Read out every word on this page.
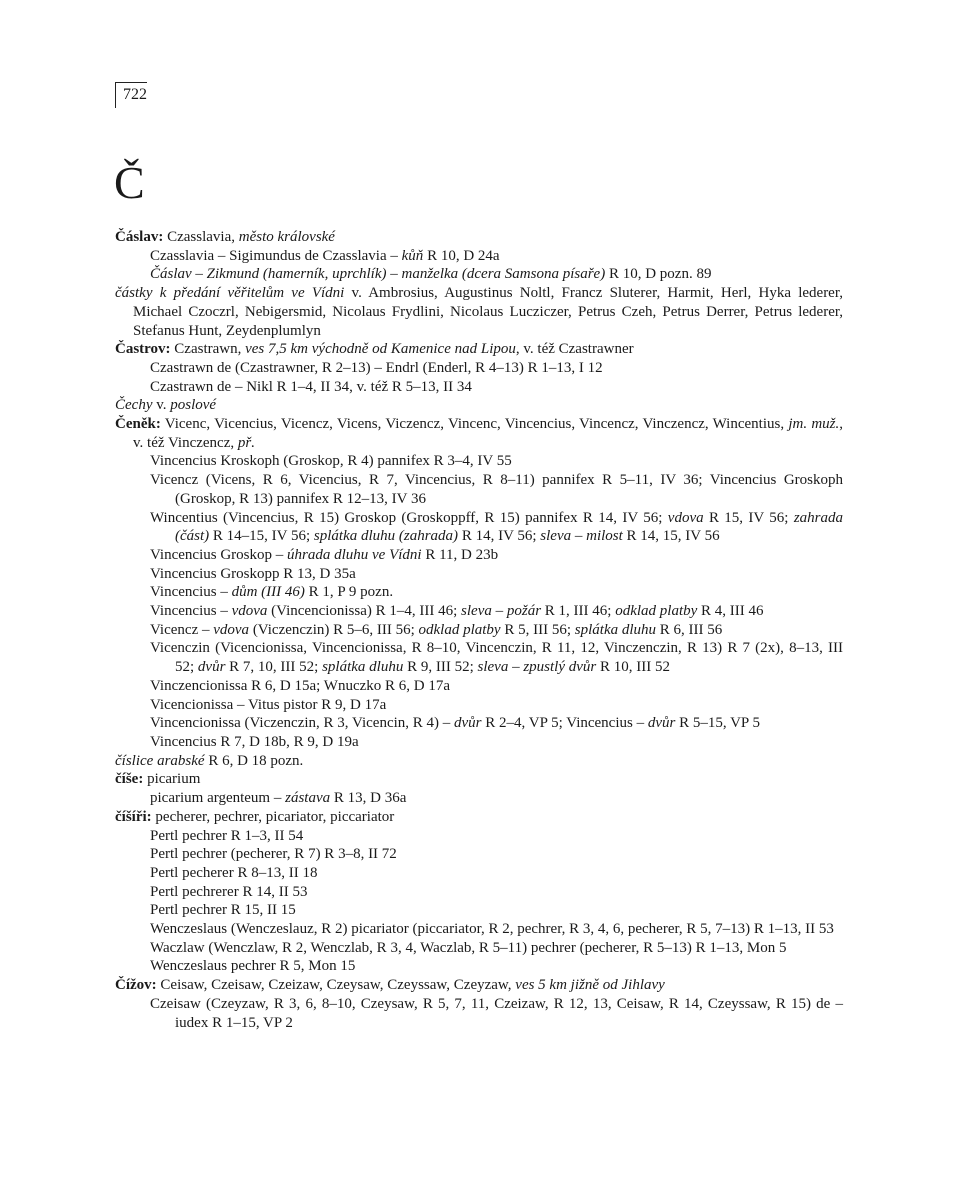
722
Č

Čáslav: Czasslavia, město královské

Czasslavia – Sigimundus de Czasslavia – kůň R 10, D 24a

Čáslav – Zikmund (hamerník, uprchlík) – manželka (dcera Samsona písaře) R 10, D pozn. 89

částky k předání věřitelům ve Vídni v. Ambrosius, Augustinus Noltl, Francz Sluterer, Harmit, Herl, Hyka lederer, Michael Czoczrl, Nebigersmid, Nicolaus Frydlini, Nicolaus Lucziczer, Petrus Czeh, Petrus Derrer, Petrus lederer, Stefanus Hunt, Zeydenplumlyn

Častrov: Czastrawn, ves 7,5 km východně od Kamenice nad Lipou, v. též Czastrawner

Czastrawn de (Czastrawner, R 2–13) – Endrl (Enderl, R 4–13) R 1–13, I 12

Czastrawn de – Nikl R 1–4, II 34, v. též R 5–13, II 34

Čechy v. poslové

Čeněk: Vicenc, Vicencius, Vicencz, Vicens, Viczencz, Vincenc, Vincencius, Vincencz, Vinczencz, Wincentius, jm. muž., v. též Vinczencz, př.

Vincencius Kroskoph (Groskop, R 4) pannifex R 3–4, IV 55

Vicencz (Vicens, R 6, Vicencius, R 7, Vincencius, R 8–11) pannifex R 5–11, IV 36; Vincencius Groskoph (Groskop, R 13) pannifex R 12–13, IV 36

Wincentius (Vincencius, R 15) Groskop (Groskoppff, R 15) pannifex R 14, IV 56; vdova R 15, IV 56; zahrada (část) R 14–15, IV 56; splátka dluhu (zahrada) R 14, IV 56; sleva – milost R 14, 15, IV 56

Vincencius Groskop – úhrada dluhu ve Vídni R 11, D 23b

Vincencius Groskopp R 13, D 35a

Vincencius – dům (III 46) R 1, P 9 pozn.

Vincencius – vdova (Vincencionissa) R 1–4, III 46; sleva – požár R 1, III 46; odklad platby R 4, III 46

Vicencz – vdova (Viczenczin) R 5–6, III 56; odklad platby R 5, III 56; splátka dluhu R 6, III 56

Vicenczin (Vicencionissa, Vincencionissa, R 8–10, Vincenczin, R 11, 12, Vinczenczin, R 13) R 7 (2x), 8–13, III 52; dvůr R 7, 10, III 52; splátka dluhu R 9, III 52; sleva – zpustlý dvůr R 10, III 52

Vinczencionissa R 6, D 15a; Wnuczko R 6, D 17a

Vicencionissa – Vitus pistor R 9, D 17a

Vincencionissa (Viczenczin, R 3, Vicencin, R 4) – dvůr R 2–4, VP 5; Vincencius – dvůr R 5–15, VP 5

Vincencius R 7, D 18b, R 9, D 19a

číslice arabské R 6, D 18 pozn.

číše: picarium

picarium argenteum – zástava R 13, D 36a

číšíři: pecherer, pechrer, picariator, piccariator

Pertl pechrer R 1–3, II 54

Pertl pechrer (pecherer, R 7) R 3–8, II 72

Pertl pecherer R 8–13, II 18

Pertl pechrerer R 14, II 53

Pertl pechrer R 15, II 15

Wenczeslaus (Wenczeslauz, R 2) picariator (piccariator, R 2, pechrer, R 3, 4, 6, pecherer, R 5, 7–13) R 1–13, II 53

Waczlaw (Wenczlaw, R 2, Wenczlab, R 3, 4, Waczlab, R 5–11) pechrer (pecherer, R 5–13) R 1–13, Mon 5

Wenczeslaus pechrer R 5, Mon 15

Čížov: Ceisaw, Czeisaw, Czeizaw, Czeysaw, Czeyssaw, Czeyzaw, ves 5 km jižně od Jihlavy

Czeisaw (Czeyzaw, R 3, 6, 8–10, Czeysaw, R 5, 7, 11, Czeizaw, R 12, 13, Ceisaw, R 14, Czeyssaw, R 15) de – iudex R 1–15, VP 2
